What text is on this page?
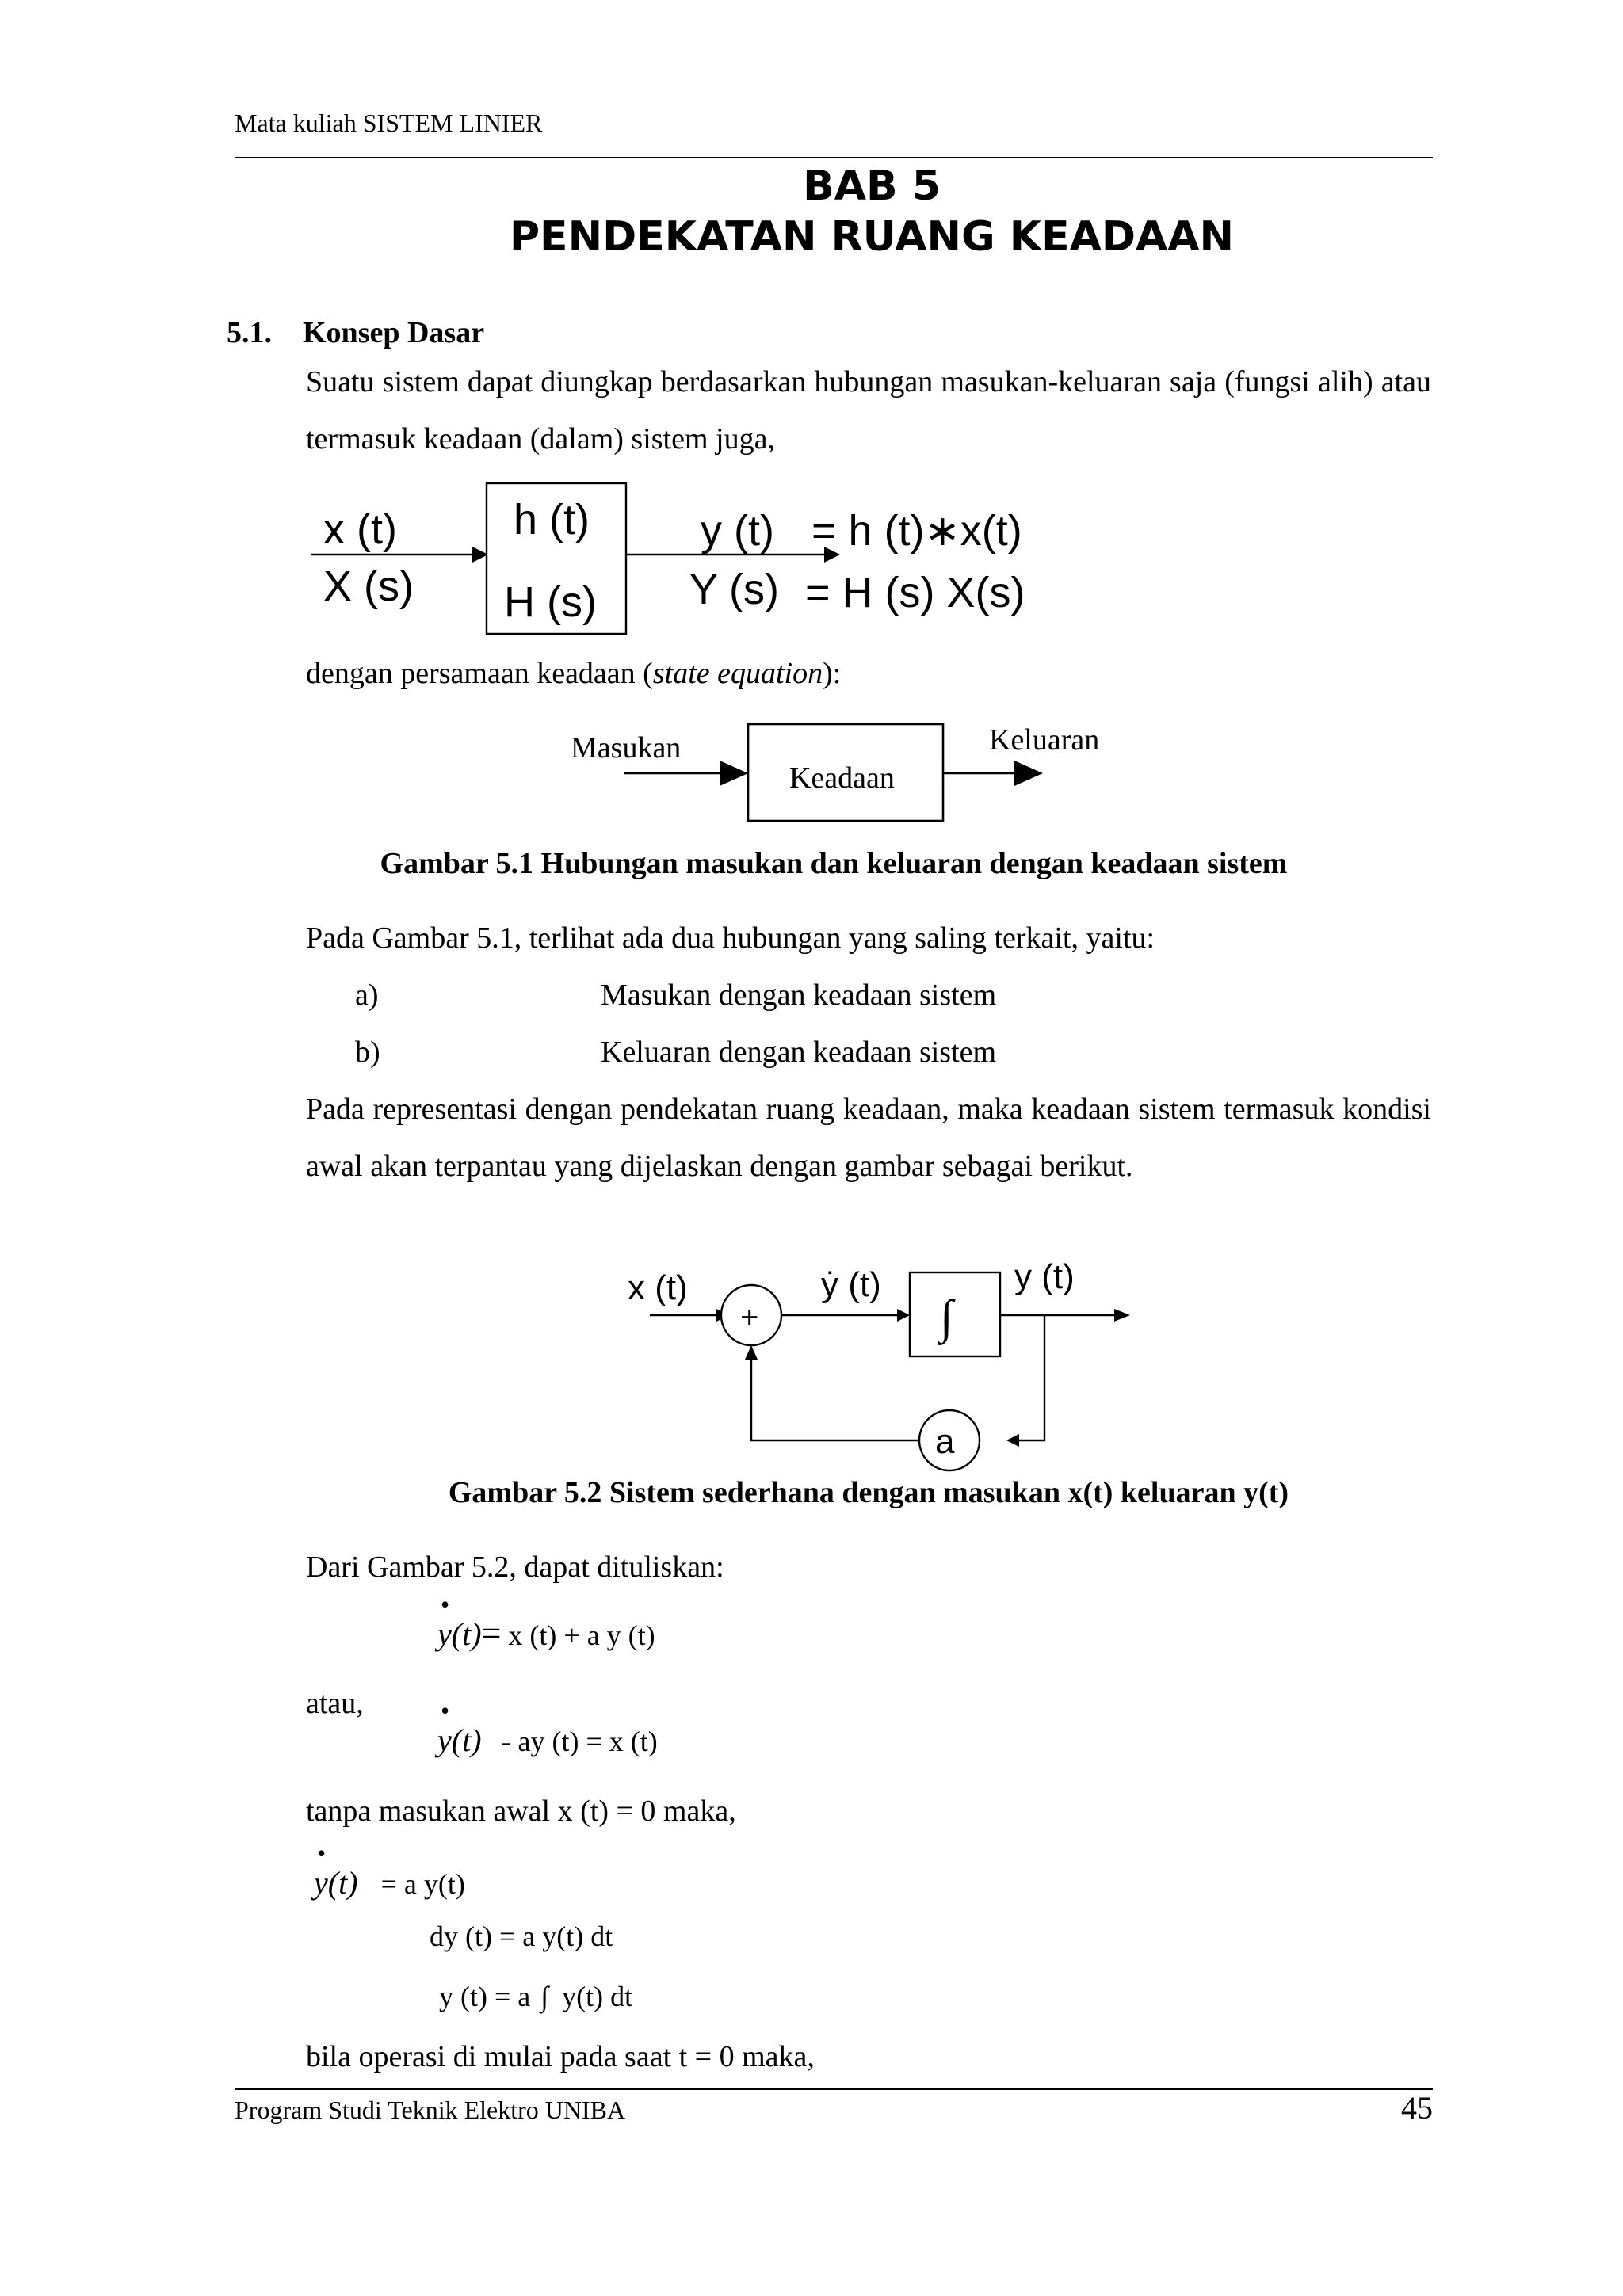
Mata kuliah SISTEM LINIER
BAB 5
PENDEKATAN RUANG KEADAAN
5.1. Konsep Dasar
Suatu sistem dapat diungkap berdasarkan hubungan masukan-keluaran saja (fungsi alih) atau termasuk keadaan (dalam) sistem juga,
x (t)
X (s)
h (t)
H (s)
y (t) = h (t)∗x(t)
Y (s) = H (s) X(s)
dengan persamaan keadaan (state equation):
Masukan
Keadaan
Keluaran
Gambar 5.1 Hubungan masukan dan keluaran dengan keadaan sistem
Pada Gambar 5.1, terlihat ada dua hubungan yang saling terkait, yaitu:
a)	Masukan dengan keadaan sistem
b)	Keluaran dengan keadaan sistem
Pada representasi dengan pendekatan ruang keadaan, maka keadaan sistem termasuk kondisi awal akan terpantau yang dijelaskan dengan gambar sebagai berikut.
x (t)
+
ẏ (t)
∫
y (t)
a
Gambar 5.2 Sistem sederhana dengan masukan x(t) keluaran y(t)
Dari Gambar 5.2, dapat dituliskan:
y
•
(t)= x (t) + a y (t)
atau,
y
•
(t) - ay (t) = x (t)
tanpa masukan awal x (t) = 0 maka,
y
•
(t) = a y(t)
dy (t) = a y(t) dt
y (t) = a ∫ y(t) dt
bila operasi di mulai pada saat t = 0 maka,
Program Studi Teknik Elektro UNIBA	45
